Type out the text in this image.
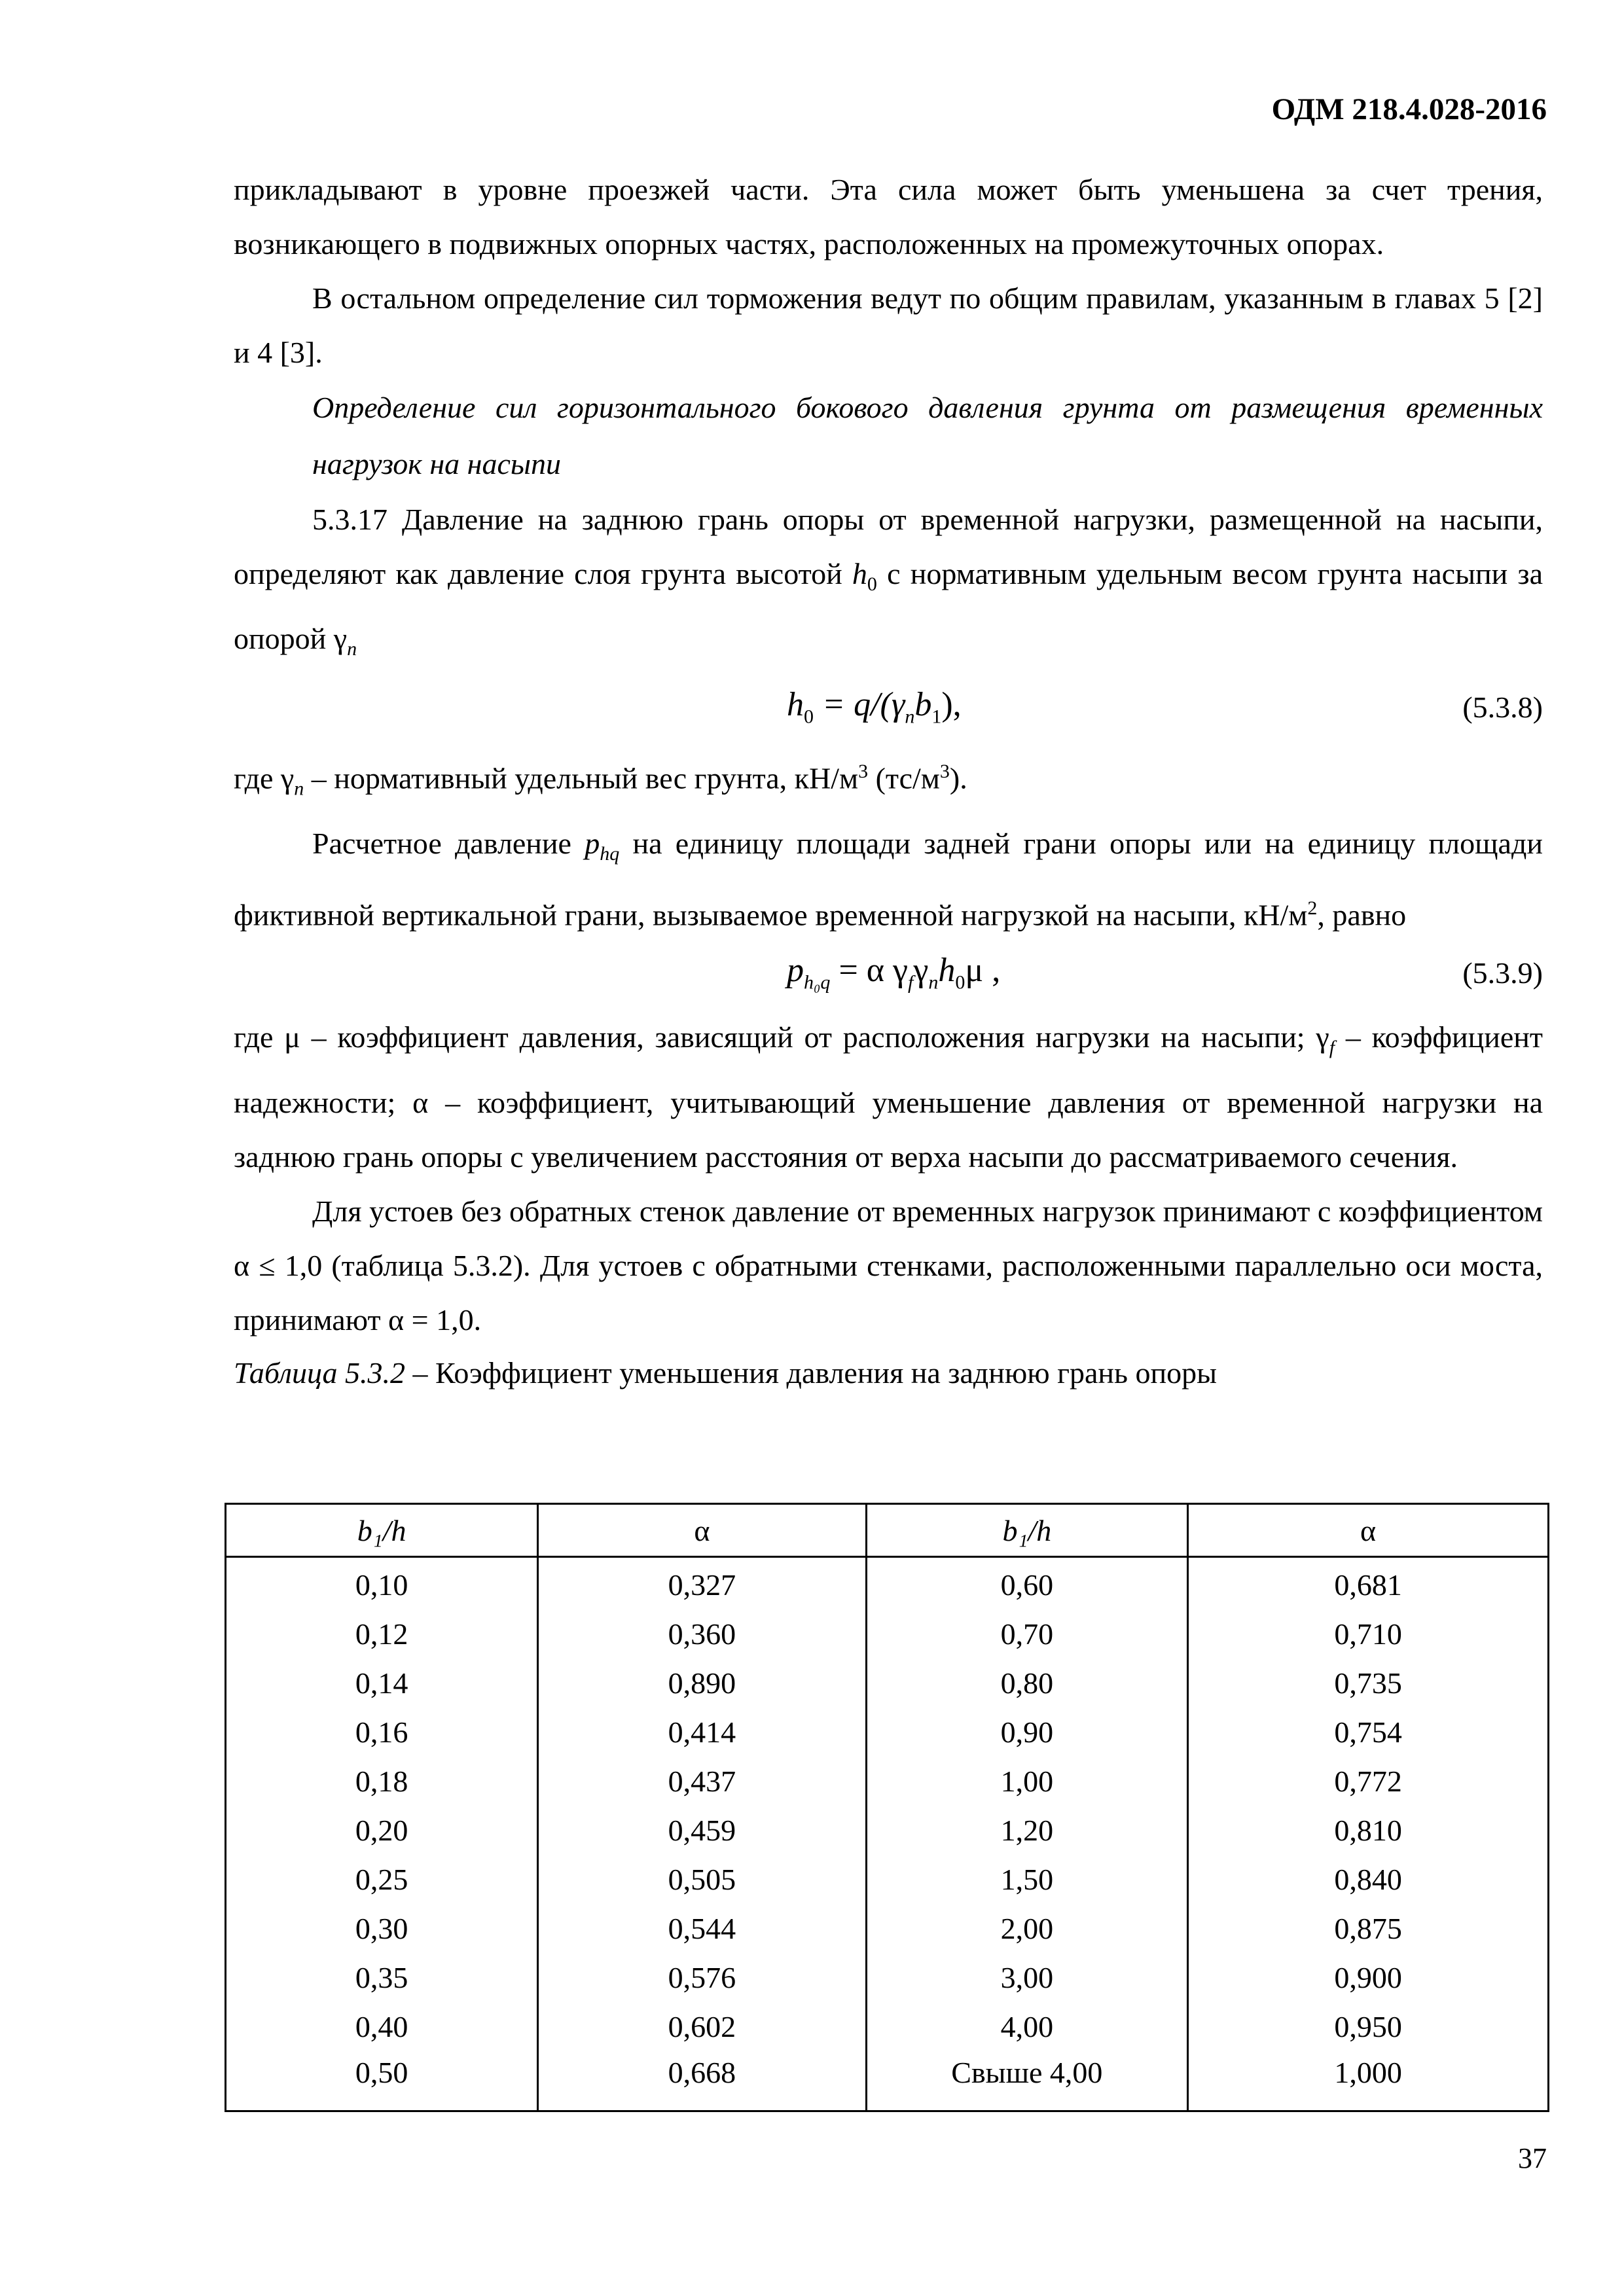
ОДМ 218.4.028-2016

прикладывают в уровне проезжей части. Эта сила может быть уменьшена за счет трения, возникающего в подвижных опорных частях, расположенных на промежуточных опорах.

В остальном определение сил торможения ведут по общим правилам, указанным в главах 5 [2] и 4 [3].

Определение сил горизонтального бокового давления грунта от размещения временных нагрузок на насыпи

5.3.17 Давление на заднюю грань опоры от временной нагрузки, размещенной на насыпи, определяют как давление слоя грунта высотой $h_0$ с нормативным удельным весом грунта насыпи за опорой $\gamma_n$

$h_0 = q/(\gamma_nb_1)$,	(5.3.8)

где $\gamma_n$ – нормативный удельный вес грунта, $кН/м^3$ $(тс/м^3)$.

Расчетное давление $p_{hq}$ на единицу площади задней грани опоры или на единицу площади фиктивной вертикальной грани, вызываемое временной нагрузкой на насыпи, $кН/м^2$, равно

$p_{h_0q} = \alpha$ $\gamma_f\gamma_nh_0\mu$ ,	(5.3.9)

где μ – коэффициент давления, зависящий от расположения нагрузки на насыпи; $\gamma_f$ – коэффициент надежности; α – коэффициент, учитывающий уменьшение давления от временной нагрузки на заднюю грань опоры с увеличением расстояния от верха насыпи до рассматриваемого сечения.

Для устоев без обратных стенок давление от временных нагрузок принимают с коэффициентом α ≤ 1,0 (таблица 5.3.2). Для устоев с обратными стенками, расположенными параллельно оси моста, принимают α = 1,0.

Таблица 5.3.2 – Коэффициент уменьшения давления на заднюю грань опоры

b₁/h	α	b₁/h	α
0,10	0,327	0,60	0,681
0,12	0,360	0,70	0,710
0,14	0,890	0,80	0,735
0,16	0,414	0,90	0,754
0,18	0,437	1,00	0,772
0,20	0,459	1,20	0,810
0,25	0,505	1,50	0,840
0,30	0,544	2,00	0,875
0,35	0,576	3,00	0,900
0,40	0,602	4,00	0,950
0,50	0,668	Свыше 4,00	1,000
37
